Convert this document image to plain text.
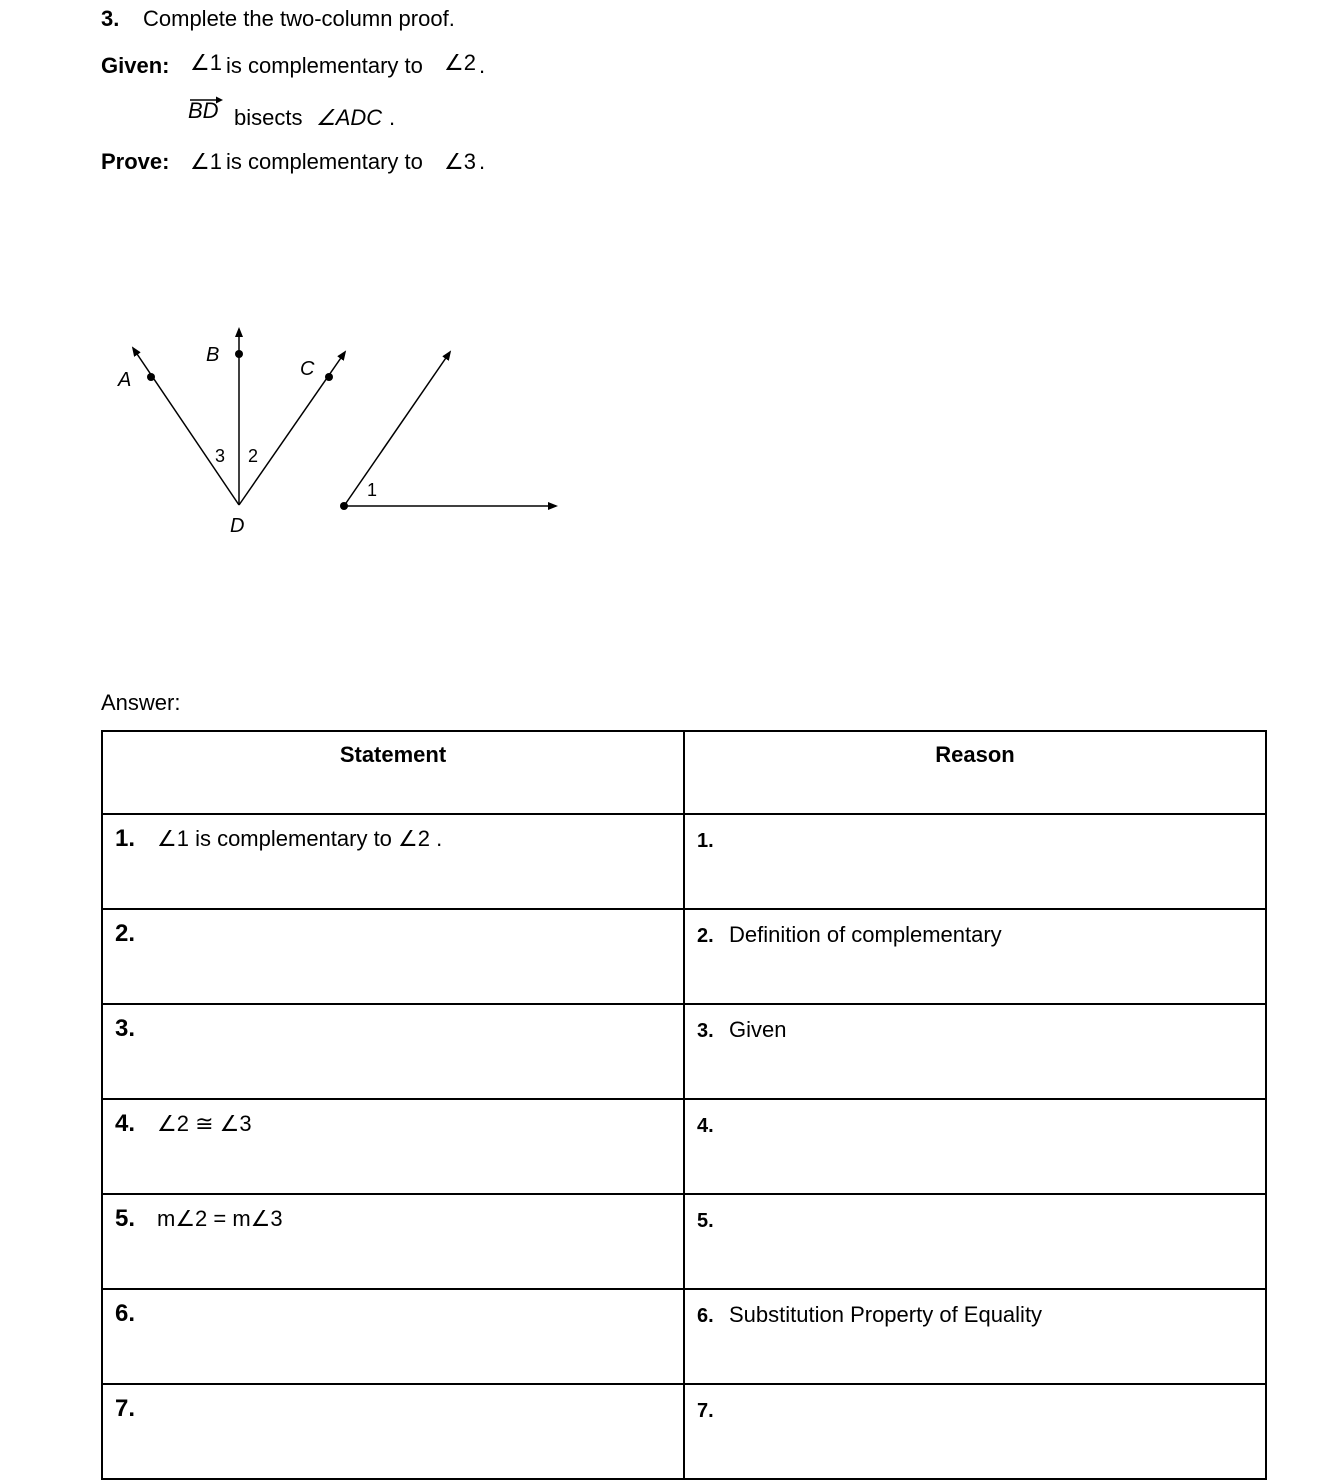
3. Complete the two-column proof.
Given: ∠1 is complementary to ∠2 .
BD bisects ∠ADC .
Prove: ∠1 is complementary to ∠3 .
A
B
C
D
3 2
1
Answer:
Statement	Reason
1. ∠1 is complementary to ∠2 .	1.
2.	2. Definition of complementary
3.	3. Given
4. ∠2 ≅ ∠3	4.
5. m∠2 = m∠3	5.
6.	6. Substitution Property of Equality
7.	7.
